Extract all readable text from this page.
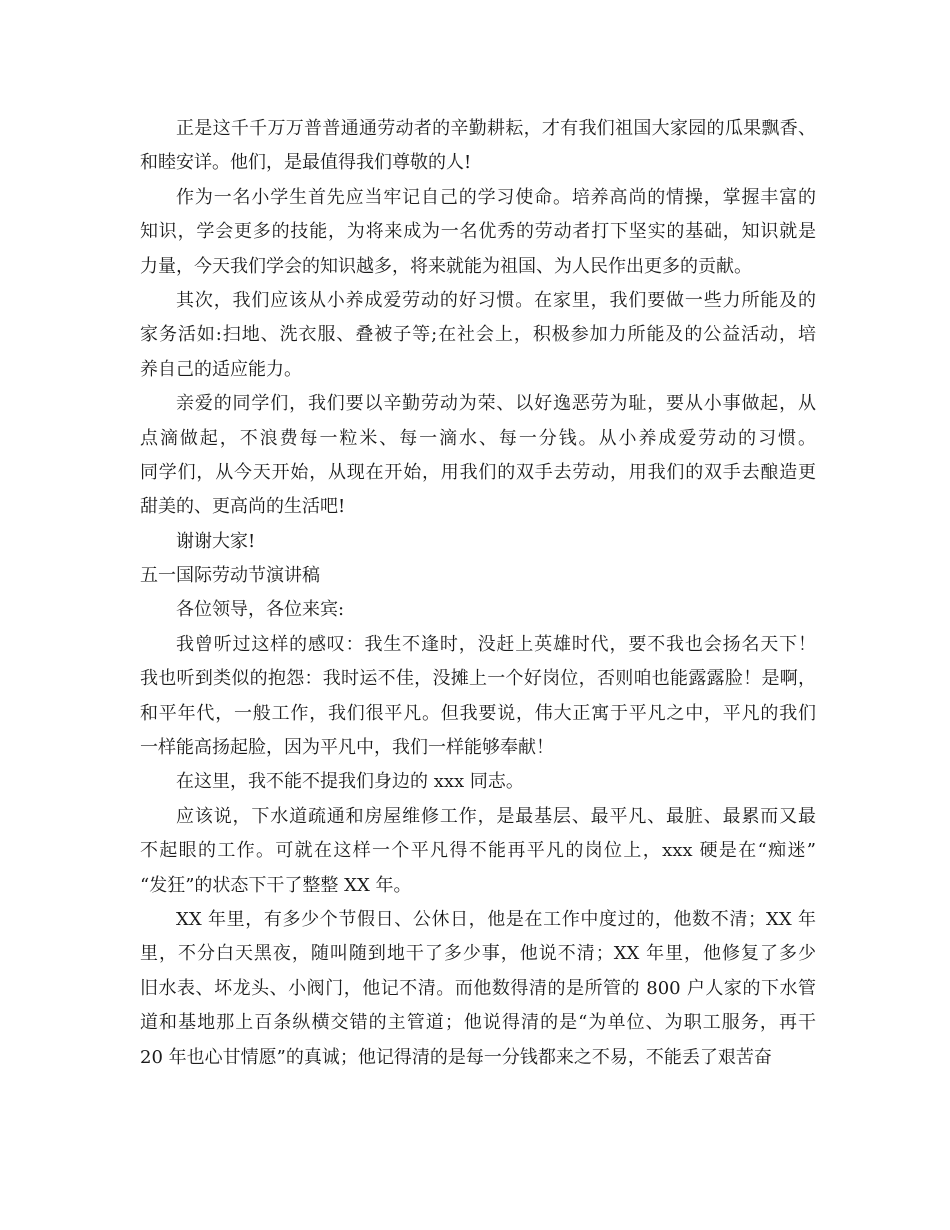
正是这千千万万普普通通劳动者的辛勤耕耘，才有我们祖国大家园的瓜果飘香、
和睦安详。他们，是最值得我们尊敬的人!
作为一名小学生首先应当牢记自己的学习使命。培养高尚的情操，掌握丰富的
知识，学会更多的技能，为将来成为一名优秀的劳动者打下坚实的基础，知识就是
力量，今天我们学会的知识越多，将来就能为祖国、为人民作出更多的贡献。
其次，我们应该从小养成爱劳动的好习惯。在家里，我们要做一些力所能及的
家务活如:扫地、洗衣服、叠被子等;在社会上，积极参加力所能及的公益活动，培
养自己的适应能力。
亲爱的同学们，我们要以辛勤劳动为荣、以好逸恶劳为耻，要从小事做起，从
点滴做起，不浪费每一粒米、每一滴水、每一分钱。从小养成爱劳动的习惯。
同学们，从今天开始，从现在开始，用我们的双手去劳动，用我们的双手去酿造更
甜美的、更高尚的生活吧!
谢谢大家!
五一国际劳动节演讲稿
各位领导，各位来宾:
我曾听过这样的感叹：我生不逢时，没赶上英雄时代，要不我也会扬名天下！
我也听到类似的抱怨：我时运不佳，没摊上一个好岗位，否则咱也能露露脸！是啊，
和平年代，一般工作，我们很平凡。但我要说，伟大正寓于平凡之中，平凡的我们
一样能高扬起脸，因为平凡中，我们一样能够奉献！
在这里，我不能不提我们身边的 xxx 同志。
应该说，下水道疏通和房屋维修工作，是最基层、最平凡、最脏、最累而又最
不起眼的工作。可就在这样一个平凡得不能再平凡的岗位上，xxx 硬是在“痴迷”
“发狂”的状态下干了整整 XX 年。
XX 年里，有多少个节假日、公休日，他是在工作中度过的，他数不清；XX 年
里，不分白天黑夜，随叫随到地干了多少事，他说不清；XX 年里，他修复了多少
旧水表、坏龙头、小阀门，他记不清。而他数得清的是所管的 800 户人家的下水管
道和基地那上百条纵横交错的主管道；他说得清的是“为单位、为职工服务，再干
20 年也心甘情愿”的真诚；他记得清的是每一分钱都来之不易，不能丢了艰苦奋
